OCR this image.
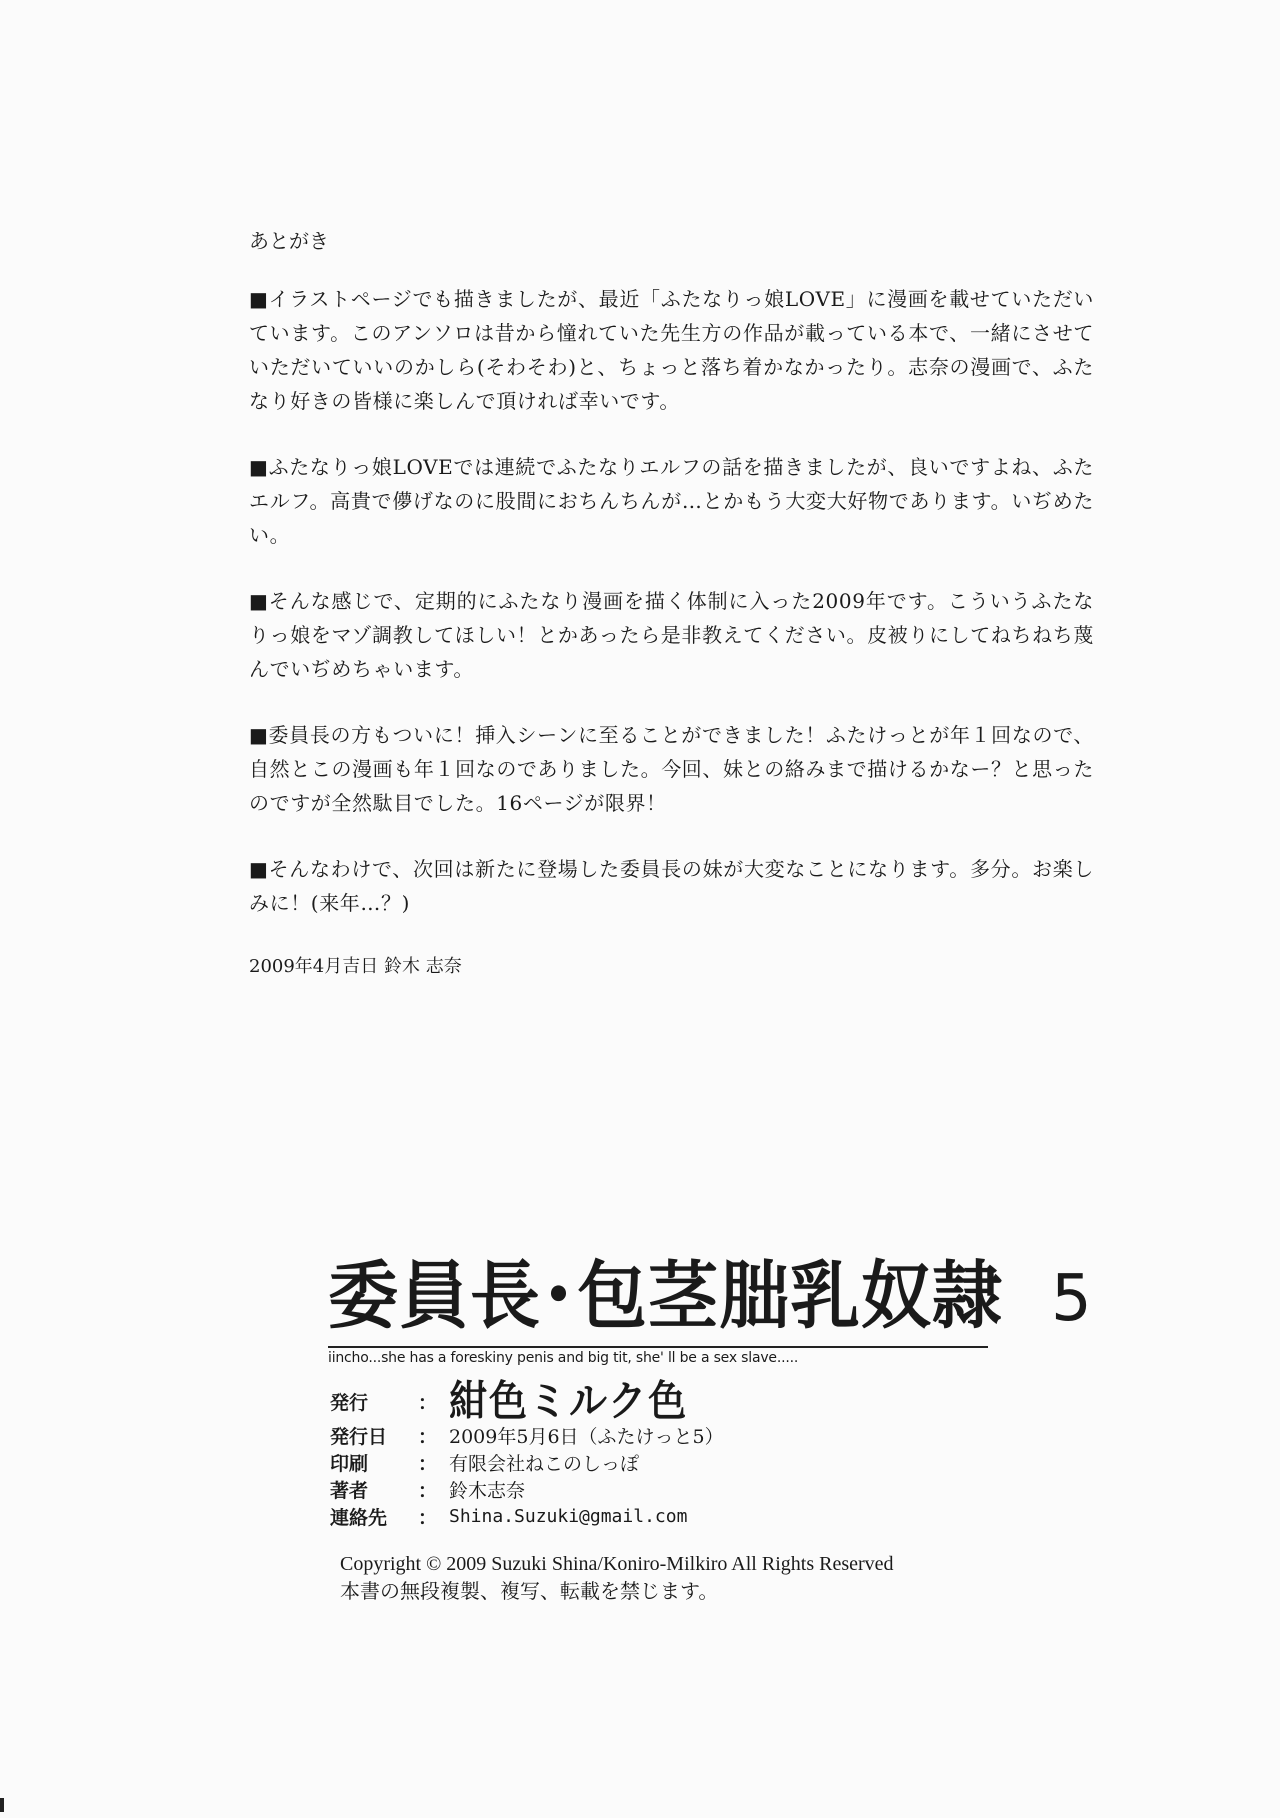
あとがき

■イラストページでも描きましたが、最近「ふたなりっ娘LOVE」に漫画を載せていただいています。このアンソロは昔から憧れていた先生方の作品が載っている本で、一緒にさせていただいていいのかしら(そわそわ)と、ちょっと落ち着かなかったり。志奈の漫画で、ふたなり好きの皆様に楽しんで頂ければ幸いです。

■ふたなりっ娘LOVEでは連続でふたなりエルフの話を描きましたが、良いですよね、ふたエルフ。高貴で儚げなのに股間におちんちんが…とかもう大変大好物であります。いぢめたい。

■そんな感じで、定期的にふたなり漫画を描く体制に入った2009年です。こういうふたなりっ娘をマゾ調教してほしい！とかあったら是非教えてください。皮被りにしてねちねち蔑んでいぢめちゃいます。

■委員長の方もついに！挿入シーンに至ることができました！ふたけっとが年１回なので、自然とこの漫画も年１回なのでありました。今回、妹との絡みまで描けるかなー？と思ったのですが全然駄目でした。16ページが限界！

■そんなわけで、次回は新たに登場した委員長の妹が大変なことになります。多分。お楽しみに！(来年…？)

2009年4月吉日 鈴木 志奈
委員長･包茎朏乳奴隷 5
iincho...she has a foreskiny penis and big tit, she' ll be a sex slave.....
発行	： 紺色ミルク色
発行日	： 2009年5月6日（ふたけっと5）
印刷	： 有限会社ねこのしっぽ
著者	： 鈴木志奈
連絡先	： Shina.Suzuki@gmail.com
Copyright © 2009 Suzuki Shina/Koniro-Milkiro All Rights Reserved
本書の無段複製、複写、転載を禁じます。
